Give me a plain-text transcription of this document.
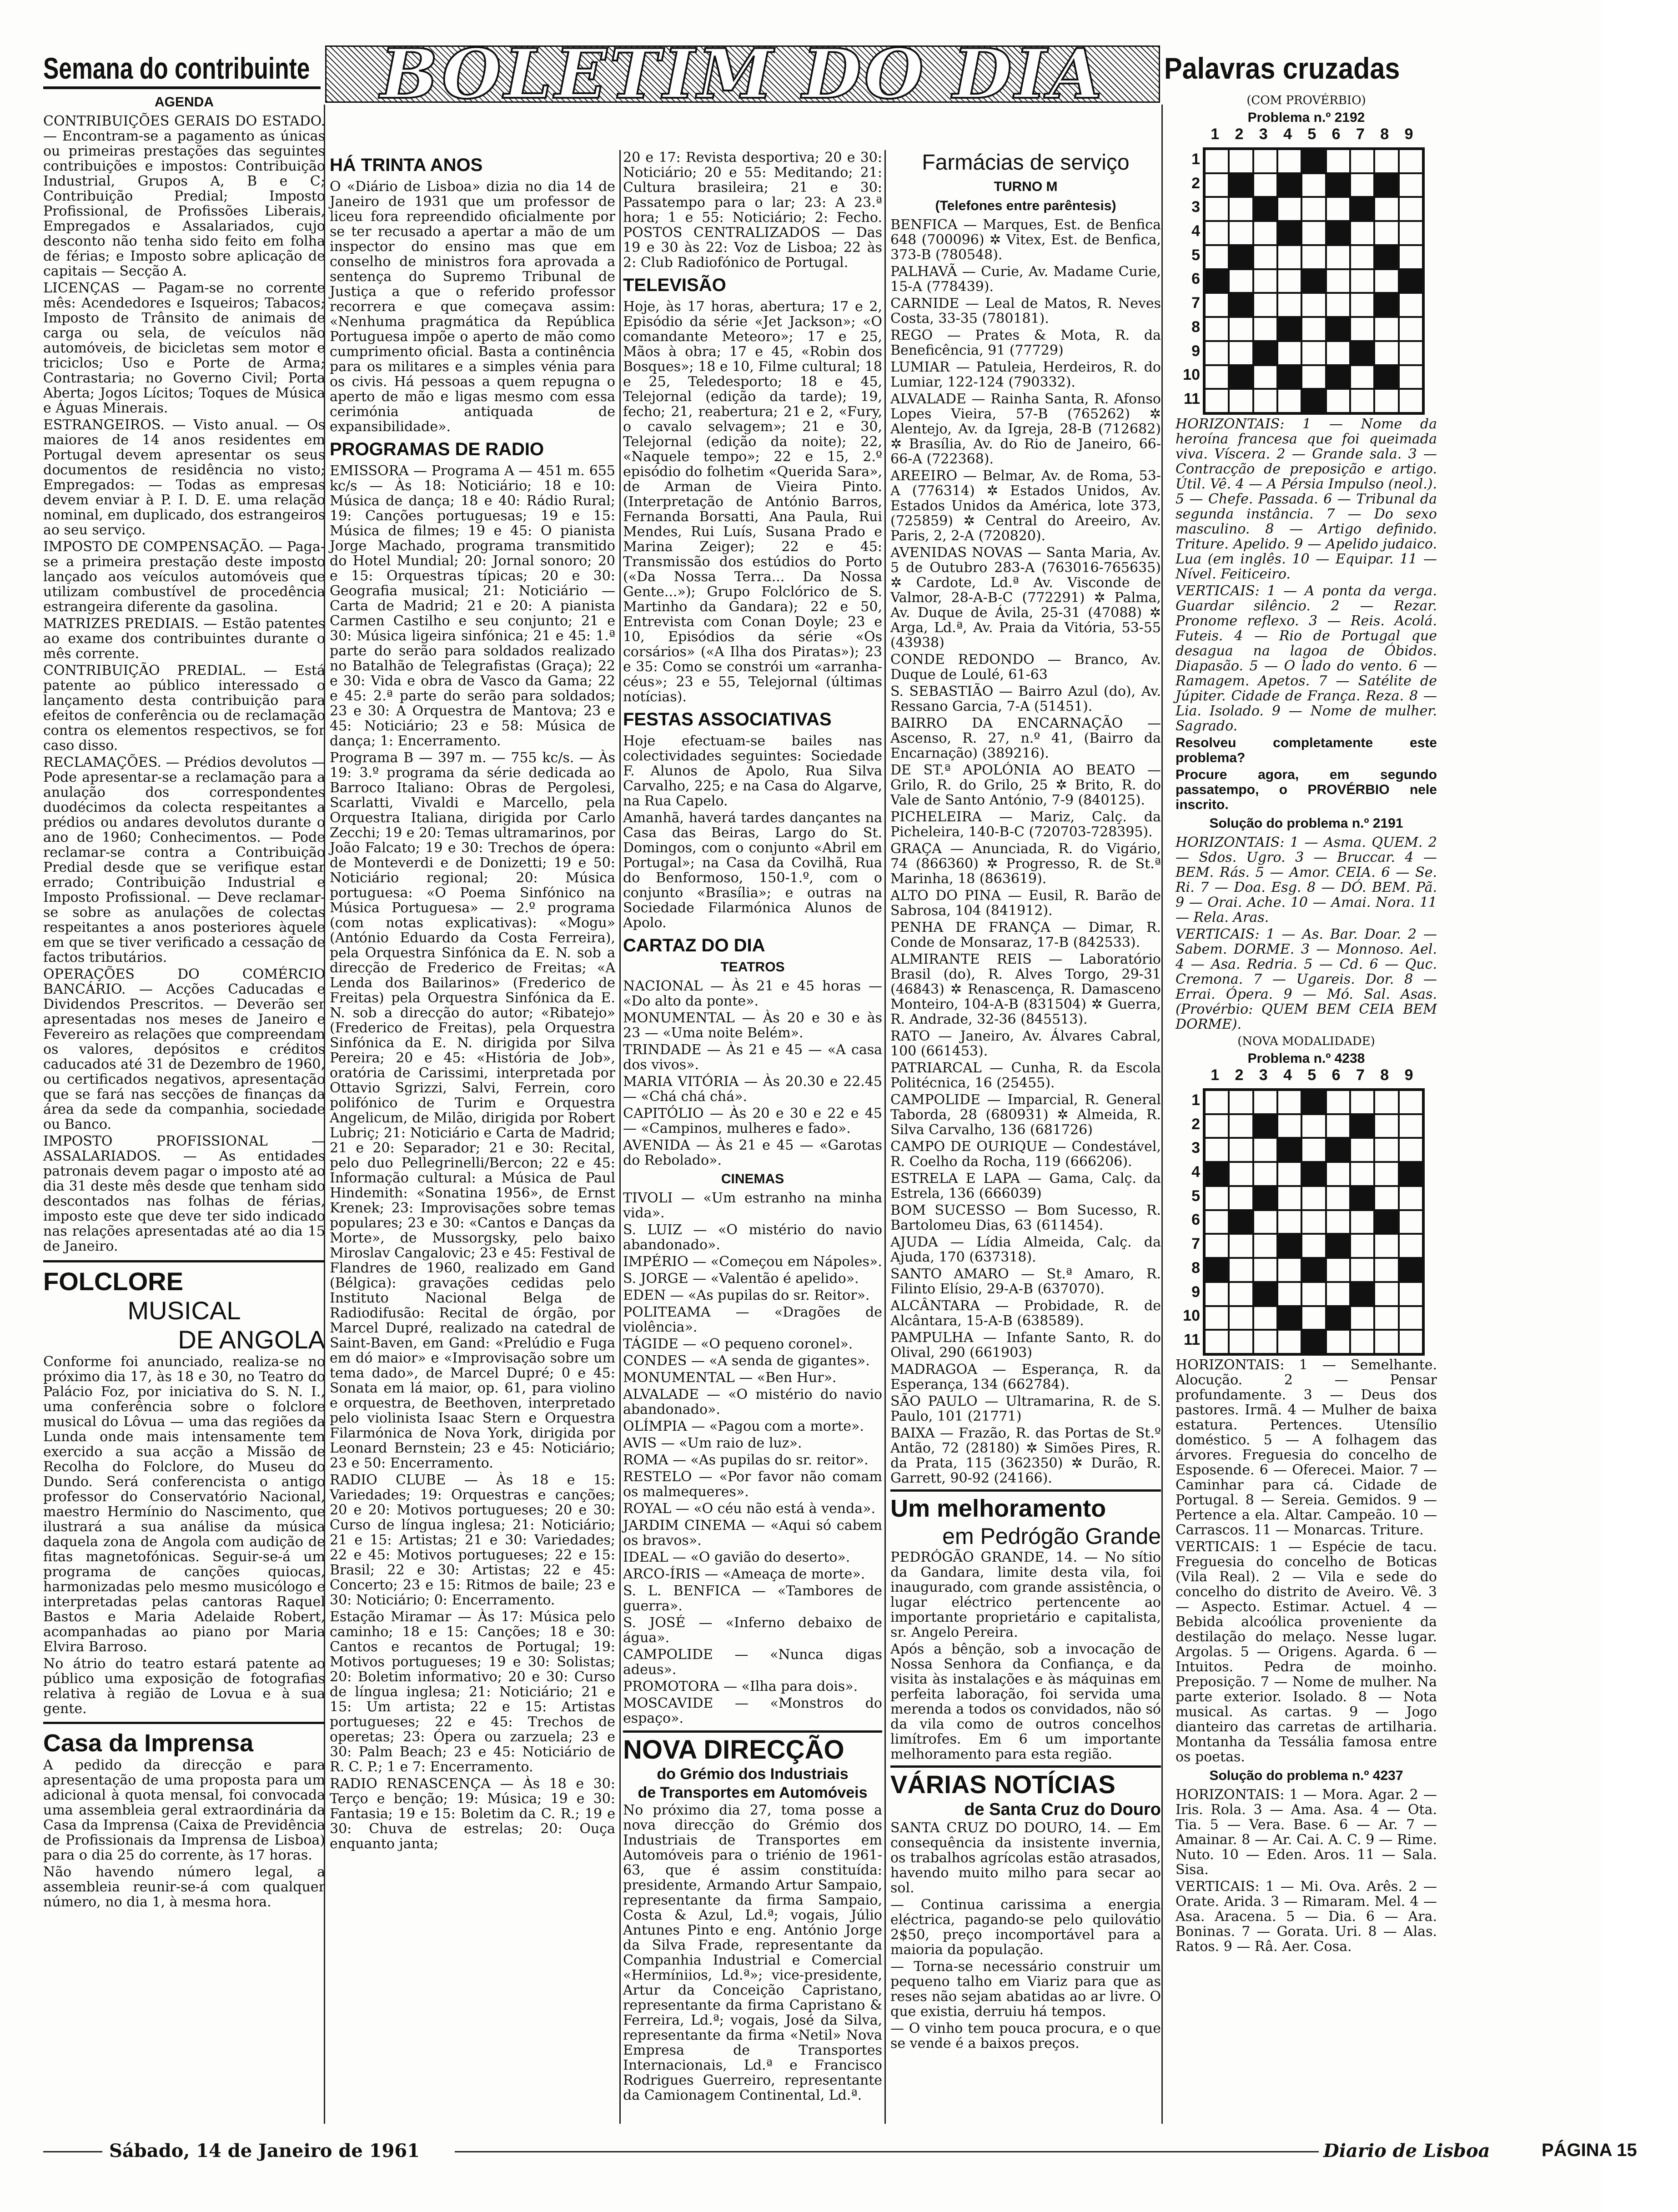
Semana do contribuinte BOLETIM DO DIA Palavras cruzadas
AGENDA

CONTRIBUIÇÕES GERAIS DO ESTADO. — Encontram-se a pagamento as únicas ou primeiras prestações das seguintes contribuições e impostos: Contribuição Industrial, Grupos A, B e C; Contribuição Predial; Imposto Profissional, de Profissões Liberais, Empregados e Assalariados, cujo desconto não tenha sido feito em folha de férias; e Imposto sobre aplicação de capitais — Secção A.

LICENÇAS — Pagam-se no corrente mês: Acendedores e Isqueiros; Tabacos; Imposto de Trânsito de animais de carga ou sela, de veículos não automóveis, de bicicletas sem motor e triciclos; Uso e Porte de Arma; Contrastaria; no Governo Civil; Porta Aberta; Jogos Lícitos; Toques de Música e Águas Minerais.

ESTRANGEIROS. — Visto anual. — Os maiores de 14 anos residentes em Portugal devem apresentar os seus documentos de residência no visto; Empregados: — Todas as empresas devem enviar à P. I. D. E. uma relação nominal, em duplicado, dos estrangeiros ao seu serviço.

IMPOSTO DE COMPENSAÇÃO. — Paga-se a primeira prestação deste imposto lançado aos veículos automóveis que utilizam combustível de procedência estrangeira diferente da gasolina.

MATRIZES PREDIAIS. — Estão patentes ao exame dos contribuintes durante o mês corrente.

CONTRIBUIÇÃO PREDIAL. — Está patente ao público interessado o lançamento desta contribuição para efeitos de conferência ou de reclamação contra os elementos respectivos, se for caso disso.

RECLAMAÇÕES. — Prédios devolutos — Pode apresentar-se a reclamação para a anulação dos correspondentes duodécimos da colecta respeitantes a prédios ou andares devolutos durante o ano de 1960; Conhecimentos. — Pode reclamar-se contra a Contribuição Predial desde que se verifique estar errado; Contribuição Industrial e Imposto Profissional. — Deve reclamar-se sobre as anulações de colectas respeitantes a anos posteriores àquele em que se tiver verificado a cessação de factos tributários.

OPERAÇÕES DO COMÉRCIO BANCÁRIO. — Acções Caducadas e Dividendos Prescritos. — Deverão ser apresentadas nos meses de Janeiro e Fevereiro as relações que compreendam os valores, depósitos e créditos caducados até 31 de Dezembro de 1960, ou certificados negativos, apresentação que se fará nas secções de finanças da área da sede da companhia, sociedade ou Banco.

IMPOSTO PROFISSIONAL — ASSALARIADOS. — As entidades patronais devem pagar o imposto até ao dia 31 deste mês desde que tenham sido descontados nas folhas de férias, imposto este que deve ter sido indicado nas relações apresentadas até ao dia 15 de Janeiro.

FOLCLORE
MUSICAL
DE ANGOLA

Conforme foi anunciado, realiza-se no próximo dia 17, às 18 e 30, no Teatro do Palácio Foz, por iniciativa do S. N. I., uma conferência sobre o folclore musical do Lôvua — uma das regiões da Lunda onde mais intensamente tem exercido a sua acção a Missão de Recolha do Folclore, do Museu do Dundo. Será conferencista o antigo professor do Conservatório Nacional, maestro Hermínio do Nascimento, que ilustrará a sua análise da música daquela zona de Angola com audição de fitas magnetofónicas. Seguir-se-á um programa de canções quiocas, harmonizadas pelo mesmo musicólogo e interpretadas pelas cantoras Raquel Bastos e Maria Adelaide Robert, acompanhadas ao piano por Maria Elvira Barroso.

No átrio do teatro estará patente ao público uma exposição de fotografias relativa à região de Lovua e à sua gente.

Casa da Imprensa

A pedido da direcção e para apresentação de uma proposta para um adicional à quota mensal, foi convocada uma assembleia geral extraordinária da Casa da Imprensa (Caixa de Previdência de Profissionais da Imprensa de Lisboa) para o dia 25 do corrente, às 17 horas.

Não havendo número legal, a assembleia reunir-se-á com qualquer número, no dia 1, à mesma hora.

HÁ TRINTA ANOS

O «Diário de Lisboa» dizia no dia 14 de Janeiro de 1931 que um professor de liceu fora repreendido oficialmente por se ter recusado a apertar a mão de um inspector do ensino mas que em conselho de ministros fora aprovada a sentença do Supremo Tribunal de Justiça a que o referido professor recorrera e que começava assim: «Nenhuma pragmática da República Portuguesa impõe o aperto de mão como cumprimento oficial. Basta a continência para os militares e a simples vénia para os civis. Há pessoas a quem repugna o aperto de mão e ligas mesmo com essa cerimónia antiquada de expansibilidade».

PROGRAMAS DE RADIO

EMISSORA — Programa A — 451 m. 655 kc/s — Às 18: Noticiário; 18 e 10: Música de dança; 18 e 40: Rádio Rural; 19: Canções portuguesas; 19 e 15: Música de filmes; 19 e 45: O pianista Jorge Machado, programa transmitido do Hotel Mundial; 20: Jornal sonoro; 20 e 15: Orquestras típicas; 20 e 30: Geografia musical; 21: Noticiário — Carta de Madrid; 21 e 20: A pianista Carmen Castilho e seu conjunto; 21 e 30: Música ligeira sinfónica; 21 e 45: 1.ª parte do serão para soldados realizado no Batalhão de Telegrafistas (Graça); 22 e 30: Vida e obra de Vasco da Gama; 22 e 45: 2.ª parte do serão para soldados; 23 e 30: A Orquestra de Mantova; 23 e 45: Noticiário; 23 e 58: Música de dança; 1: Encerramento.

Programa B — 397 m. — 755 kc/s. — Às 19: 3.º programa da série dedicada ao Barroco Italiano: Obras de Pergolesi, Scarlatti, Vivaldi e Marcello, pela Orquestra Italiana, dirigida por Carlo Zecchi; 19 e 20: Temas ultramarinos, por João Falcato; 19 e 30: Trechos de ópera: de Monteverdi e de Donizetti; 19 e 50: Noticiário regional; 20: Música portuguesa: «O Poema Sinfónico na Música Portuguesa» — 2.º programa (com notas explicativas): «Mogu» (António Eduardo da Costa Ferreira), pela Orquestra Sinfónica da E. N. sob a direcção de Frederico de Freitas; «A Lenda dos Bailarinos» (Frederico de Freitas) pela Orquestra Sinfónica da E. N. sob a direcção do autor; «Ribatejo» (Frederico de Freitas), pela Orquestra Sinfónica da E. N. dirigida por Silva Pereira; 20 e 45: «História de Job», oratória de Carissimi, interpretada por Ottavio Sgrizzi, Salvi, Ferrein, coro polifónico de Turim e Orquestra Angelicum, de Milão, dirigida por Robert Lubriç; 21: Noticiário e Carta de Madrid; 21 e 20: Separador; 21 e 30: Recital, pelo duo Pellegrinelli/Bercon; 22 e 45: Informação cultural: a Música de Paul Hindemith: «Sonatina 1956», de Ernst Krenek; 23: Improvisações sobre temas populares; 23 e 30: «Cantos e Danças da Morte», de Mussorgsky, pelo baixo Miroslav Cangalovic; 23 e 45: Festival de Flandres de 1960, realizado em Gand (Bélgica): gravações cedidas pelo Instituto Nacional Belga de Radiodifusão: Recital de órgão, por Marcel Dupré, realizado na catedral de Saint-Baven, em Gand: «Prelúdio e Fuga em dó maior» e «Improvisação sobre um tema dado», de Marcel Dupré; 0 e 45: Sonata em lá maior, op. 61, para violino e orquestra, de Beethoven, interpretado pelo violinista Isaac Stern e Orquestra Filarmónica de Nova York, dirigida por Leonard Bernstein; 23 e 45: Noticiário; 23 e 50: Encerramento.

RADIO CLUBE — Às 18 e 15: Variedades; 19: Orquestras e canções; 20 e 20: Motivos portugueses; 20 e 30: Curso de língua inglesa; 21: Noticiário; 21 e 15: Artistas; 21 e 30: Variedades; 22 e 45: Motivos portugueses; 22 e 15: Brasil; 22 e 30: Artistas; 22 e 45: Concerto; 23 e 15: Ritmos de baile; 23 e 30: Noticiário; 0: Encerramento.

Estação Miramar — Às 17: Música pelo caminho; 18 e 15: Canções; 18 e 30: Cantos e recantos de Portugal; 19: Motivos portugueses; 19 e 30: Solistas; 20: Boletim informativo; 20 e 30: Curso de língua inglesa; 21: Noticiário; 21 e 15: Um artista; 22 e 15: Artistas portugueses; 22 e 45: Trechos de operetas; 23: Ópera ou zarzuela; 23 e 30: Palm Beach; 23 e 45: Noticiário de R. C. P.; 1 e 7: Encerramento.

RADIO RENASCENÇA — Às 18 e 30: Terço e benção; 19: Música; 19 e 30: Fantasia; 19 e 15: Boletim da C. R.; 19 e 30: Chuva de estrelas; 20: Ouça enquanto janta;

20 e 17: Revista desportiva; 20 e 30: Noticiário; 20 e 55: Meditando; 21: Cultura brasileira; 21 e 30: Passatempo para o lar; 23: A 23.ª hora; 1 e 55: Noticiário; 2: Fecho. POSTOS CENTRALIZADOS — Das 19 e 30 às 22: Voz de Lisboa; 22 às 2: Club Radiofónico de Portugal.

TELEVISÃO

Hoje, às 17 horas, abertura; 17 e 2, Episódio da série «Jet Jackson»; «O comandante Meteoro»; 17 e 25, Mãos à obra; 17 e 45, «Robin dos Bosques»; 18 e 10, Filme cultural; 18 e 25, Teledesporto; 18 e 45, Telejornal (edição da tarde); 19, fecho; 21, reabertura; 21 e 2, «Fury, o cavalo selvagem»; 21 e 30, Telejornal (edição da noite); 22, «Naquele tempo»; 22 e 15, 2.º episódio do folhetim «Querida Sara», de Arman de Vieira Pinto. (Interpretação de António Barros, Fernanda Borsatti, Ana Paula, Rui Mendes, Rui Luís, Susana Prado e Marina Zeiger); 22 e 45: Transmissão dos estúdios do Porto («Da Nossa Terra... Da Nossa Gente...»); Grupo Folclórico de S. Martinho da Gandara); 22 e 50, Entrevista com Conan Doyle; 23 e 10, Episódios da série «Os corsários» («A Ilha dos Piratas»); 23 e 35: Como se constrói um «arranha-céus»; 23 e 55, Telejornal (últimas notícias).

FESTAS ASSOCIATIVAS

Hoje efectuam-se bailes nas colectividades seguintes: Sociedade F. Alunos de Apolo, Rua Silva Carvalho, 225; e na Casa do Algarve, na Rua Capelo.

Amanhã, haverá tardes dançantes na Casa das Beiras, Largo do St. Domingos, com o conjunto «Abril em Portugal»; na Casa da Covilhã, Rua do Benformoso, 150-1.º, com o conjunto «Brasília»; e outras na Sociedade Filarmónica Alunos de Apolo.

CARTAZ DO DIA
TEATROS

NACIONAL — Às 21 e 45 horas — «Do alto da ponte».

MONUMENTAL — Às 20 e 30 e às 23 — «Uma noite Belém».

TRINDADE — Às 21 e 45 — «A casa dos vivos».

MARIA VITÓRIA — Às 20.30 e 22.45 — «Chá chá chá».

CAPITÓLIO — Às 20 e 30 e 22 e 45 — «Campinos, mulheres e fado».

AVENIDA — Às 21 e 45 — «Garotas do Rebolado».

CINEMAS

TIVOLI — «Um estranho na minha vida».

S. LUIZ — «O mistério do navio abandonado».

IMPÉRIO — «Começou em Nápoles».

S. JORGE — «Valentão é apelido».

EDEN — «As pupilas do sr. Reitor».

POLITEAMA — «Dragões de violência».

TÁGIDE — «O pequeno coronel».

CONDES — «A senda de gigantes».

MONUMENTAL — «Ben Hur».

ALVALADE — «O mistério do navio abandonado».

OLÍMPIA — «Pagou com a morte».

AVIS — «Um raio de luz».

ROMA — «As pupilas do sr. reitor».

RESTELO — «Por favor não comam os malmequeres».

ROYAL — «O céu não está à venda».

JARDIM CINEMA — «Aqui só cabem os bravos».

IDEAL — «O gavião do deserto».

ARCO-ÍRIS — «Ameaça de morte».

S. L. BENFICA — «Tambores de guerra».

S. JOSÉ — «Inferno debaixo de água».

CAMPOLIDE — «Nunca digas adeus».

PROMOTORA — «Ilha para dois».

MOSCAVIDE — «Monstros do espaço».

NOVA DIRECÇÃO
do Grémio dos Industriais
de Transportes em Automóveis

No próximo dia 27, toma posse a nova direcção do Grémio dos Industriais de Transportes em Automóveis para o triénio de 1961-63, que é assim constituída: presidente, Armando Artur Sampaio, representante da firma Sampaio, Costa & Azul, Ld.ª; vogais, Júlio Antunes Pinto e eng. António Jorge da Silva Frade, representante da Companhia Industrial e Comercial «Hermíniios, Ld.ª»; vice-presidente, Artur da Conceição Capristano, representante da firma Capristano & Ferreira, Ld.ª; vogais, José da Silva, representante da firma «Netil» Nova Empresa de Transportes Internacionais, Ld.ª e Francisco Rodrigues Guerreiro, representante da Camionagem Continental, Ld.ª.

Farmácias de serviço
TURNO M
(Telefones entre parêntesis)

BENFICA — Marques, Est. de Benfica 648 (700096) ✲ Vitex, Est. de Benfica, 373-B (780548).

PALHAVÃ — Curie, Av. Madame Curie, 15-A (778439).

CARNIDE — Leal de Matos, R. Neves Costa, 33-35 (780181).

REGO — Prates & Mota, R. da Beneficência, 91 (77729)

LUMIAR — Patuleia, Herdeiros, R. do Lumiar, 122-124 (790332).

ALVALADE — Rainha Santa, R. Afonso Lopes Vieira, 57-B (765262) ✲ Alentejo, Av. da Igreja, 28-B (712682) ✲ Brasília, Av. do Rio de Janeiro, 66-66-A (722368).

AREEIRO — Belmar, Av. de Roma, 53-A (776314) ✲ Estados Unidos, Av. Estados Unidos da América, lote 373, (725859) ✲ Central do Areeiro, Av. Paris, 2, 2-A (720820).

AVENIDAS NOVAS — Santa Maria, Av. 5 de Outubro 283-A (763016-765635) ✲ Cardote, Ld.ª Av. Visconde de Valmor, 28-A-B-C (772291) ✲ Palma, Av. Duque de Ávila, 25-31 (47088) ✲ Arga, Ld.ª, Av. Praia da Vitória, 53-55 (43938)

CONDE REDONDO — Branco, Av. Duque de Loulé, 61-63

S. SEBASTIÃO — Bairro Azul (do), Av. Ressano Garcia, 7-A (51451).

BAIRRO DA ENCARNAÇÃO — Ascenso, R. 27, n.º 41, (Bairro da Encarnação) (389216).

DE ST.ª APOLÓNIA AO BEATO — Grilo, R. do Grilo, 25 ✲ Brito, R. do Vale de Santo António, 7-9 (840125).

PICHELEIRA — Mariz, Calç. da Picheleira, 140-B-C (720703-728395).

GRAÇA — Anunciada, R. do Vigário, 74 (866360) ✲ Progresso, R. de St.ª Marinha, 18 (863619).

ALTO DO PINA — Eusil, R. Barão de Sabrosa, 104 (841912).

PENHA DE FRANÇA — Dimar, R. Conde de Monsaraz, 17-B (842533).

ALMIRANTE REIS — Laboratório Brasil (do), R. Alves Torgo, 29-31 (46843) ✲ Renascença, R. Damasceno Monteiro, 104-A-B (831504) ✲ Guerra, R. Andrade, 32-36 (845513).

RATO — Janeiro, Av. Álvares Cabral, 100 (661453).

PATRIARCAL — Cunha, R. da Escola Politécnica, 16 (25455).

CAMPOLIDE — Imparcial, R. General Taborda, 28 (680931) ✲ Almeida, R. Silva Carvalho, 136 (681726)

CAMPO DE OURIQUE — Condestável, R. Coelho da Rocha, 119 (666206).

ESTRELA E LAPA — Gama, Calç. da Estrela, 136 (666039)

BOM SUCESSO — Bom Sucesso, R. Bartolomeu Dias, 63 (611454).

AJUDA — Lídia Almeida, Calç. da Ajuda, 170 (637318).

SANTO AMARO — St.ª Amaro, R. Filinto Elísio, 29-A-B (637070).

ALCÂNTARA — Probidade, R. de Alcântara, 15-A-B (638589).

PAMPULHA — Infante Santo, R. do Olival, 290 (661903)

MADRAGOA — Esperança, R. da Esperança, 134 (662784).

SÃO PAULO — Ultramarina, R. de S. Paulo, 101 (21771)

BAIXA — Frazão, R. das Portas de St.º Antão, 72 (28180) ✲ Simões Pires, R. da Prata, 115 (362350) ✲ Durão, R. Garrett, 90-92 (24166).

Um melhoramento
em Pedrógão Grande

PEDRÓGÃO GRANDE, 14. — No sítio da Gandara, limite desta vila, foi inaugurado, com grande assistência, o lugar eléctrico pertencente ao importante proprietário e capitalista, sr. Angelo Pereira.

Após a bênção, sob a invocação de Nossa Senhora da Confiança, e da visita às instalações e às máquinas em perfeita laboração, foi servida uma merenda a todos os convidados, não só da vila como de outros concelhos limítrofes. Em 6 um importante melhoramento para esta região.

VÁRIAS NOTÍCIAS
de Santa Cruz do Douro

SANTA CRUZ DO DOURO, 14. — Em consequência da insistente invernia, os trabalhos agrícolas estão atrasados, havendo muito milho para secar ao sol.

— Continua carissima a energia eléctrica, pagando-se pelo quilovátio 2$50, preço incomportável para a maioria da população.

— Torna-se necessário construir um pequeno talho em Viariz para que as reses não sejam abatidas ao ar livre. O que existia, derruiu há tempos.

— O vinho tem pouca procura, e o que se vende é a baixos preços.

(COM PROVÉRBIO)
Problema n.º 2192
1	2	3	4	5	6	7	8	9
1
2
3
4
5
6
7
8
9
10
11

HORIZONTAIS: 1 — Nome da heroína francesa que foi queimada viva. Víscera. 2 — Grande sala. 3 — Contracção de preposição e artigo. Útil. Vê. 4 — A Pérsia Impulso (neol.). 5 — Chefe. Passada. 6 — Tribunal da segunda instância. 7 — Do sexo masculino. 8 — Artigo definido. Triture. Apelido. 9 — Apelido judaico. Lua (em inglês. 10 — Equipar. 11 — Nível. Feiticeiro.

VERTICAIS: 1 — A ponta da verga. Guardar silêncio. 2 — Rezar. Pronome reflexo. 3 — Reis. Acolá. Futeis. 4 — Rio de Portugal que desagua na lagoa de Óbidos. Diapasão. 5 — O lado do vento. 6 — Ramagem. Apetos. 7 — Satélite de Júpiter. Cidade de França. Reza. 8 — Lia. Isolado. 9 — Nome de mulher. Sagrado.

Resolveu completamente este problema?

Procure agora, em segundo passatempo, o PROVÉRBIO nele inscrito.

Solução do problema n.º 2191

HORIZONTAIS: 1 — Asma. QUEM. 2 — Sdos. Ugro. 3 — Bruccar. 4 — BEM. Rás. 5 — Amor. CEIA. 6 — Se. Ri. 7 — Doa. Esg. 8 — DÓ. BEM. Pã. 9 — Orai. Ache. 10 — Amai. Nora. 11 — Rela. Aras.

VERTICAIS: 1 — As. Bar. Doar. 2 — Sabem. DORME. 3 — Monnoso. Ael. 4 — Asa. Redria. 5 — Cd. 6 — Quc. Cremona. 7 — Ugareis. Dor. 8 — Errai. Ópera. 9 — Mó. Sal. Asas. (Provérbio: QUEM BEM CEIA BEM DORME).

(NOVA MODALIDADE)
Problema n.º 4238
1	2	3	4	5	6	7	8	9
1
2
3
4
5
6
7
8
9
10
11

HORIZONTAIS: 1 — Semelhante. Alocução. 2 — Pensar profundamente. 3 — Deus dos pastores. Irmã. 4 — Mulher de baixa estatura. Pertences. Utensílio doméstico. 5 — A folhagem das árvores. Freguesia do concelho de Esposende. 6 — Oferecei. Maior. 7 — Caminhar para cá. Cidade de Portugal. 8 — Sereia. Gemidos. 9 — Pertence a ela. Altar. Campeão. 10 — Carrascos. 11 — Monarcas. Triture.

VERTICAIS: 1 — Espécie de tacu. Freguesia do concelho de Boticas (Vila Real). 2 — Vila e sede do concelho do distrito de Aveiro. Vê. 3 — Aspecto. Estimar. Actuel. 4 — Bebida alcoólica proveniente da destilação do melaço. Nesse lugar. Argolas. 5 — Origens. Agarda. 6 — Intuitos. Pedra de moinho. Preposição. 7 — Nome de mulher. Na parte exterior. Isolado. 8 — Nota musical. As cartas. 9 — Jogo dianteiro das carretas de artilharia. Montanha da Tessália famosa entre os poetas.

Solução do problema n.º 4237

HORIZONTAIS: 1 — Mora. Agar. 2 — Iris. Rola. 3 — Ama. Asa. 4 — Ota. Tia. 5 — Vera. Base. 6 — Ar. 7 — Amainar. 8 — Ar. Cai. A. C. 9 — Rime. Nuto. 10 — Eden. Aros. 11 — Sala. Sisa.

VERTICAIS: 1 — Mi. Ova. Arês. 2 — Orate. Arida. 3 — Rimaram. Mel. 4 — Asa. Aracena. 5 — Dia. 6 — Ara. Boninas. 7 — Gorata. Uri. 8 — Alas. Ratos. 9 — Râ. Aer. Cosa.

Sábado, 14 de Janeiro de 1961	Diario de Lisboa	PÁGINA 15
